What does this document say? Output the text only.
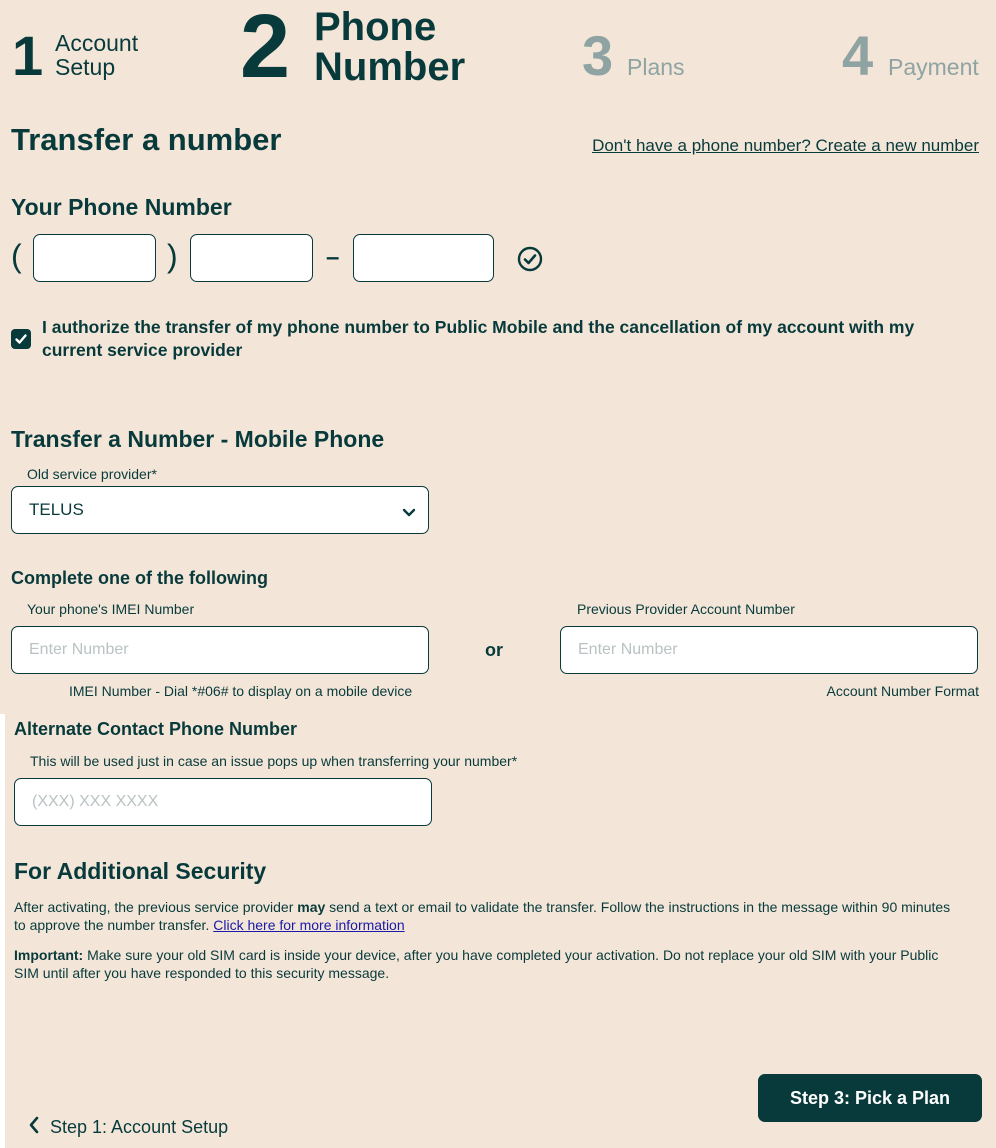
1 Account
Setup 2 Phone
Number 3 Plans	4 Payment
Transfer a number	Don't have a phone number? Create a new number
Your Phone Number
(	)	–
I authorize the transfer of my phone number to Public Mobile and the cancellation of my account with my
current service provider
Transfer a Number - Mobile Phone
Old service provider*
TELUS
Complete one of the following
Your phone's IMEI Number
Enter Number
IMEI Number - Dial *#06# to display on a mobile device
or
Previous Provider Account Number
Enter Number
Account Number Format
Alternate Contact Phone Number
This will be used just in case an issue pops up when transferring your number*
(XXX) XXX XXXX
For Additional Security
After activating, the previous service provider may send a text or email to validate the transfer. Follow the instructions in the message within 90 minutes
to approve the number transfer. Click here for more information
Important: Make sure your old SIM card is inside your device, after you have completed your activation. Do not replace your old SIM with your Public
SIM until after you have responded to this security message.
Step 3: Pick a Plan
Step 1: Account Setup
